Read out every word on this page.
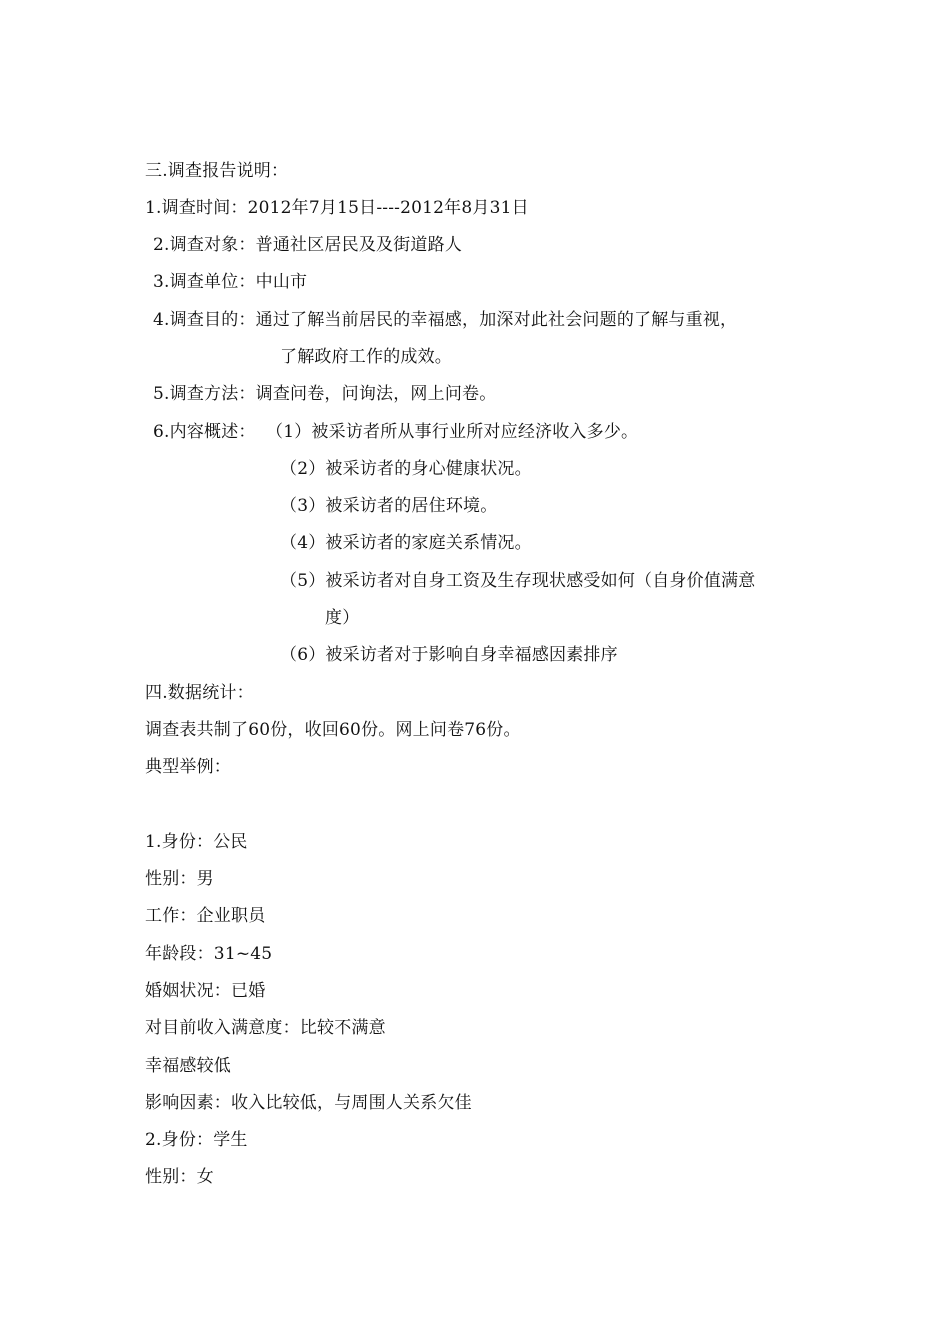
三.调查报告说明：
1.调查时间：2012年7月15日----2012年8月31日
2.调查对象：普通社区居民及及街道路人
3.调查单位：中山市
4.调查目的：通过了解当前居民的幸福感，加深对此社会问题的了解与重视，
了解政府工作的成效。
5.调查方法：调查问卷，问询法，网上问卷。
6.内容概述： （1）被采访者所从事行业所对应经济收入多少。
（2）被采访者的身心健康状况。
（3）被采访者的居住环境。
（4）被采访者的家庭关系情况。
（5）被采访者对自身工资及生存现状感受如何（自身价值满意
度）
（6）被采访者对于影响自身幸福感因素排序
四.数据统计：
调查表共制了60份，收回60份。网上问卷76份。
典型举例：
1.身份：公民
性别：男
工作：企业职员
年龄段：31~45
婚姻状况：已婚
对目前收入满意度：比较不满意
幸福感较低
影响因素：收入比较低，与周围人关系欠佳
2.身份：学生
性别：女
